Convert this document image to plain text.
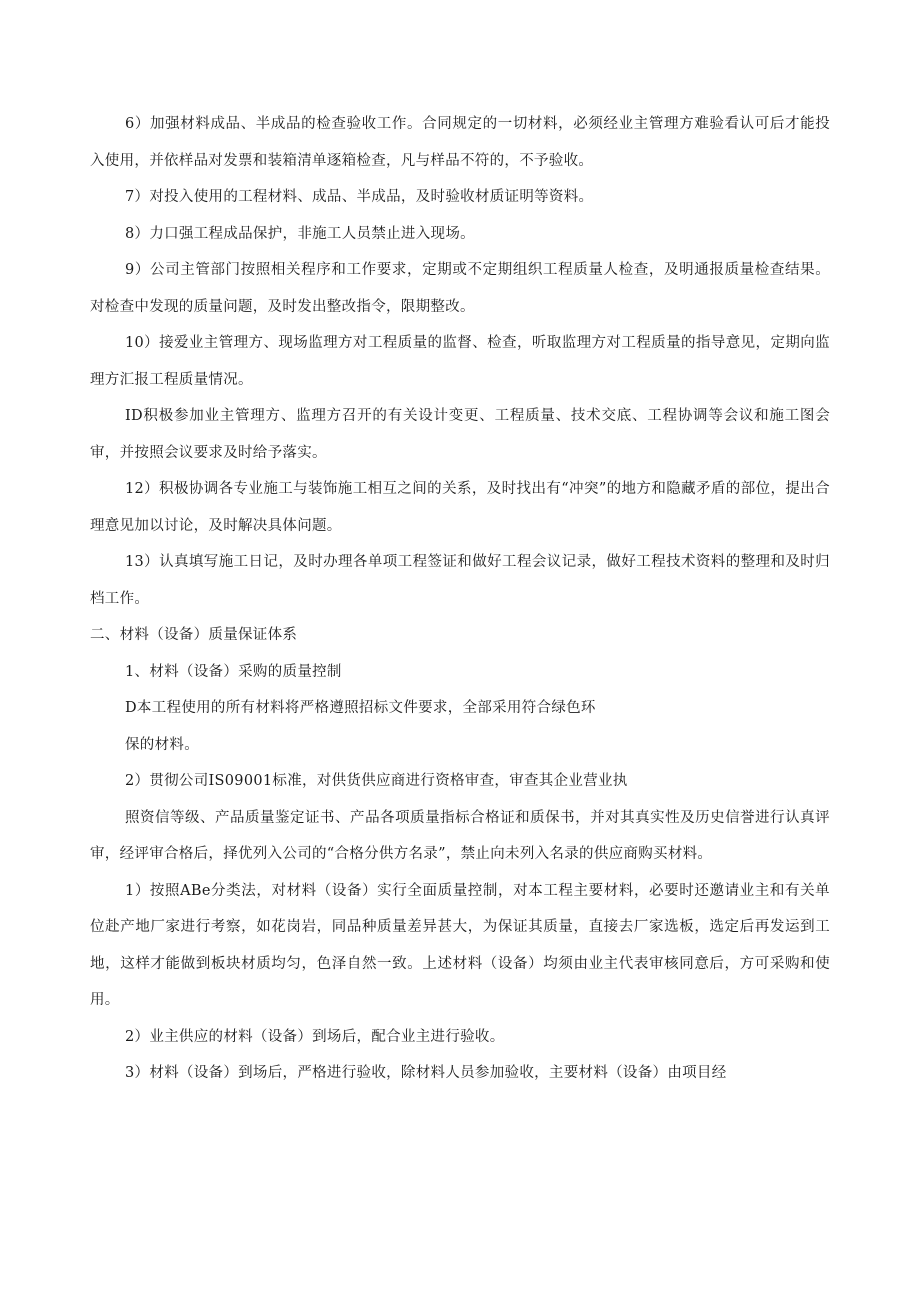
6）加强材料成品、半成品的检查验收工作。合同规定的一切材料，必须经业主管理方难验看认可后才能投入使用，并依样品对发票和装箱清单逐箱检查，凡与样品不符的，不予验收。

7）对投入使用的工程材料、成品、半成品，及时验收材质证明等资料。

8）力口强工程成品保护，非施工人员禁止进入现场。

9）公司主管部门按照相关程序和工作要求，定期或不定期组织工程质量人检查，及明通报质量检查结果。对检查中发现的质量问题，及时发出整改指令，限期整改。

10）接爱业主管理方、现场监理方对工程质量的监督、检查，听取监理方对工程质量的指导意见，定期向监理方汇报工程质量情况。

ID积极参加业主管理方、监理方召开的有关设计变更、工程质量、技术交底、工程协调等会议和施工图会审，并按照会议要求及时给予落实。

12）积极协调各专业施工与装饰施工相互之间的关系，及时找出有“冲突”的地方和隐藏矛盾的部位，提出合理意见加以讨论，及时解决具体问题。

13）认真填写施工日记，及时办理各单项工程签证和做好工程会议记录，做好工程技术资料的整理和及时归档工作。

二、材料（设备）质量保证体系

1、材料（设备）采购的质量控制

D本工程使用的所有材料将严格遵照招标文件要求，全部采用符合绿色环

保的材料。

2）贯彻公司IS09001标准，对供货供应商进行资格审查，审查其企业营业执

照资信等级、产品质量鉴定证书、产品各项质量指标合格证和质保书，并对其真实性及历史信誉进行认真评审，经评审合格后，择优列入公司的“合格分供方名录”，禁止向未列入名录的供应商购买材料。

1）按照ABe分类法，对材料（设备）实行全面质量控制，对本工程主要材料，必要时还邀请业主和有关单位赴产地厂家进行考察，如花岗岩，同品种质量差异甚大，为保证其质量，直接去厂家选板，选定后再发运到工地，这样才能做到板块材质均匀，色泽自然一致。上述材料（设备）均须由业主代表审核同意后，方可采购和使用。

2）业主供应的材料（设备）到场后，配合业主进行验收。

3）材料（设备）到场后，严格进行验收，除材料人员参加验收，主要材料（设备）由项目经
